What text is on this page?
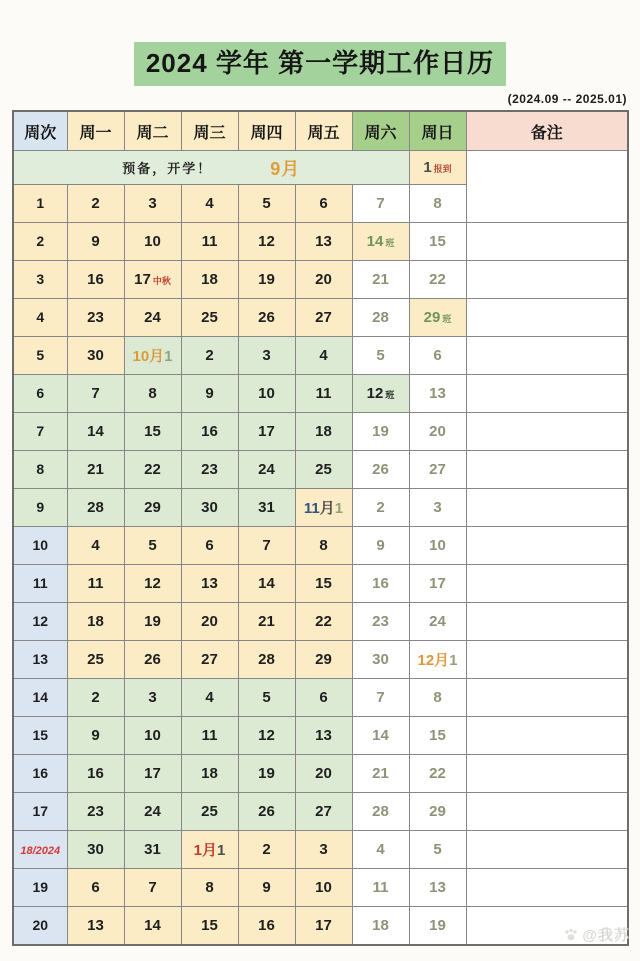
2024 学年 第一学期工作日历
(2024.09 -- 2025.01)
周次	周一	周二	周三	周四	周五	周六	周日	备注

预备，开学！ 9月							1 报到	
1	2	3	4	5	6	7	8	
2	9	10	11	12	13	14 班	15	
3	16	17 中秋	18	19	20	21	22	
4	23	24	25	26	27	28	29 班	
5	30	10月1	2	3	4	5	6	
6	7	8	9	10	11	12 班	13	
7	14	15	16	17	18	19	20	
8	21	22	23	24	25	26	27	
9	28	29	30	31	11月1	2	3	
10	4	5	6	7	8	9	10	
11	11	12	13	14	15	16	17	
12	18	19	20	21	22	23	24	
13	25	26	27	28	29	30	12月1	
14	2	3	4	5	6	7	8	
15	9	10	11	12	13	14	15	
16	16	17	18	19	20	21	22	
17	23	24	25	26	27	28	29	
18/2024	30	31	1月1	2	3	4	5	
19	6	7	8	9	10	11	13	
20	13	14	15	16	17	18	19	
@我苏
